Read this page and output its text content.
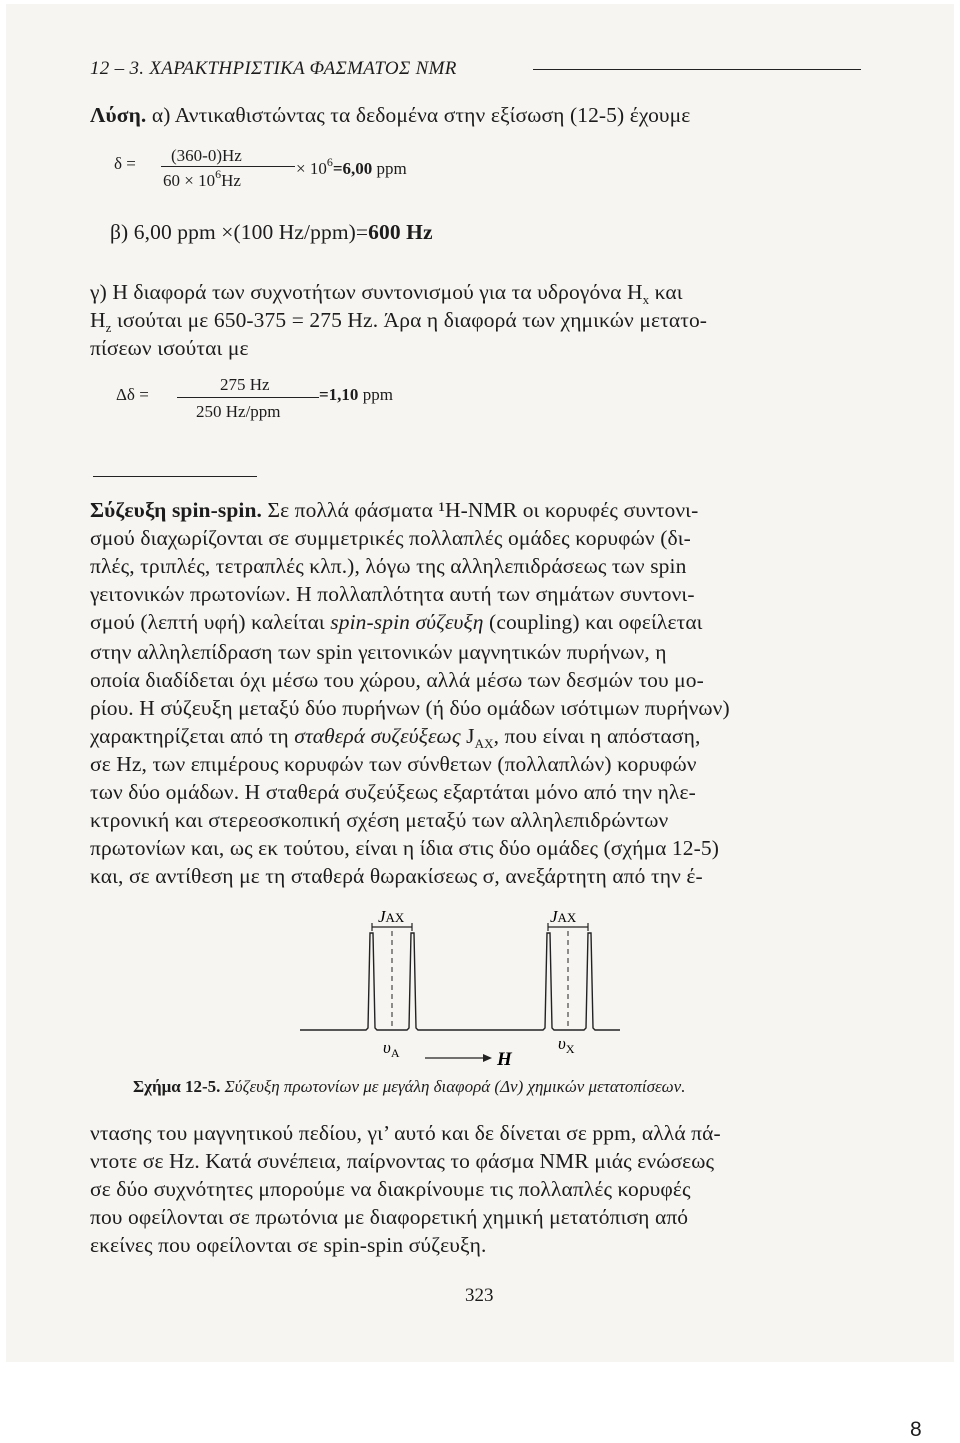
12 – 3. ΧΑΡΑΚΤΗΡΙΣΤΙΚΑ ΦΑΣΜΑΤΟΣ NMR
Λύση. α) Αντικαθιστώντας τα δεδομένα στην εξίσωση (12-5) έχουμε
δ = (360-0)Hz
$60 \times 10^6Hz$
× $10^6=6,00$ ppm
β) 6,00 ppm ×(100 Hz/ppm)=600 Hz
γ) Η διαφορά των συχνοτήτων συντονισμού για τα υδρογόνα $H_x$ και
$H_z$ ισούται με 650-375 = 275 Hz. Άρα η διαφορά των χημικών μετατο-
πίσεων ισούται με
Δδ =
275 Hz
250 Hz/ppm
=1,10 ppm
Σύζευξη spin-spin. Σε πολλά φάσματα ¹H-NMR οι κορυφές συντονι-
σμού διαχωρίζονται σε συμμετρικές πολλαπλές ομάδες κορυφών (δι-
πλές, τριπλές, τετραπλές κλπ.), λόγω της αλληλεπιδράσεως των spin
γειτονικών πρωτονίων. Η πολλαπλότητα αυτή των σημάτων συντονι-
σμού (λεπτή υφή) καλείται spin-spin σύζευξη (coupling) και οφείλεται
στην αλληλεπίδραση των spin γειτονικών μαγνητικών πυρήνων, η
οποία διαδίδεται όχι μέσω του χώρου, αλλά μέσω των δεσμών του μο-
ρίου. Η σύζευξη μεταξύ δύο πυρήνων (ή δύο ομάδων ισότιμων πυρήνων)
χαρακτηρίζεται από τη σταθερά συζεύξεως $J_{AX}$, που είναι η απόσταση,
σε Hz, των επιμέρους κορυφών των σύνθετων (πολλαπλών) κορυφών
των δύο ομάδων. Η σταθερά συζεύξεως εξαρτάται μόνο από την ηλε-
κτρονική και στερεοσκοπική σχέση μεταξύ των αλληλεπιδρώντων
πρωτονίων και, ως εκ τούτου, είναι η ίδια στις δύο ομάδες (σχήμα 12-5)
και, σε αντίθεση με τη σταθερά θωρακίσεως σ, ανεξάρτητη από την έ-
JAX	JAX
$\upsilon_A$	$\upsilon_X$
H
Σχήμα 12-5. Σύζευξη πρωτονίων με μεγάλη διαφορά (Δν) χημικών μετατοπίσεων.
ντασης του μαγνητικού πεδίου, γι’ αυτό και δε δίνεται σε ppm, αλλά πά-
ντοτε σε Hz. Κατά συνέπεια, παίρνοντας το φάσμα NMR μιάς ενώσεως
σε δύο συχνότητες μπορούμε να διακρίνουμε τις πολλαπλές κορυφές
που οφείλονται σε πρωτόνια με διαφορετική χημική μετατόπιση από
εκείνες που οφείλονται σε spin-spin σύζευξη.
323
8
